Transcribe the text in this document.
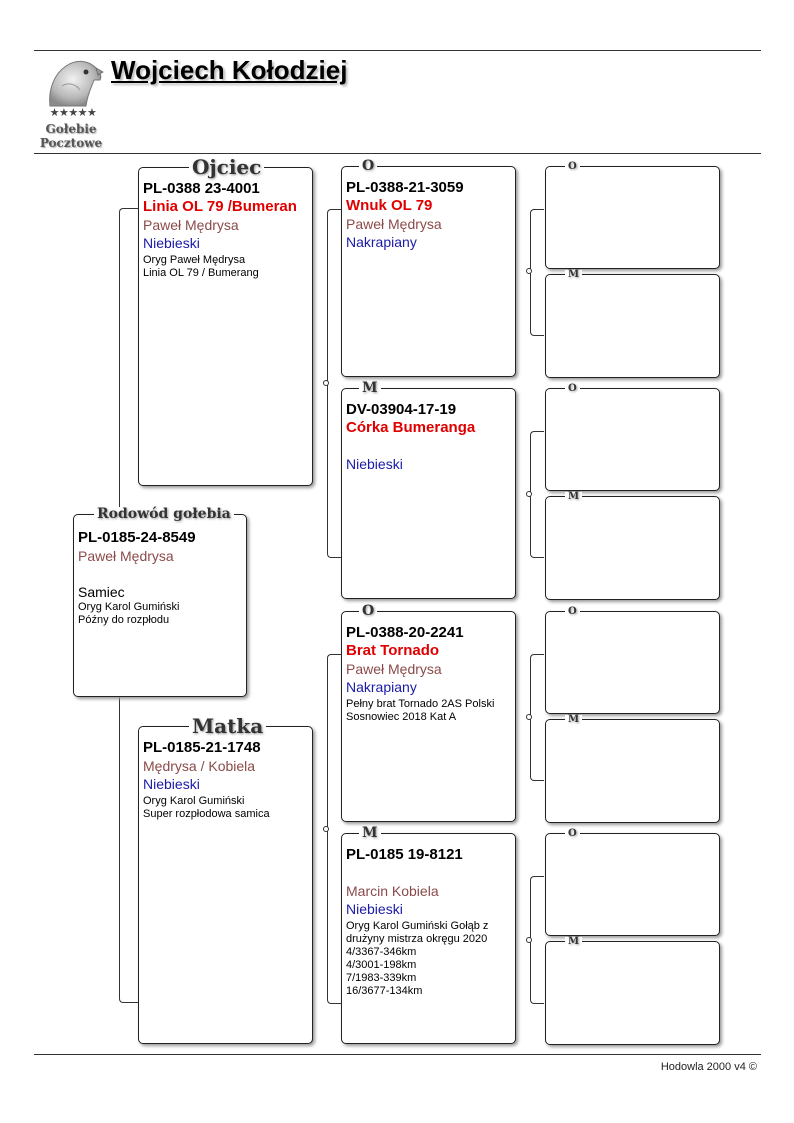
★★★★★
Gołebie
Pocztowe
Wojciech Kołodziej
PL-0185-24-8549
Paweł Mędrysa
Samiec
Oryg Karol Gumiński
Późny do rozpłodu
Rodowód gołebia
PL-0388 23-4001
Linia OL 79 /Bumeran
Paweł Mędrysa
Niebieski
Oryg Paweł Mędrysa
Linia OL 79 / Bumerang
Ojciec
PL-0185-21-1748
Mędrysa / Kobiela
Niebieski
Oryg Karol Gumiński
Super rozpłodowa samica
Matka
PL-0388-21-3059
Wnuk OL 79
Paweł Mędrysa
Nakrapiany
O
DV-03904-17-19
Córka Bumeranga
Niebieski
M
PL-0388-20-2241
Brat Tornado
Paweł Mędrysa
Nakrapiany
Pełny brat Tornado 2AS Polski
Sosnowiec 2018 Kat A
O
PL-0185 19-8121
Marcin Kobiela
Niebieski
Oryg Karol Gumiński Gołąb z
drużyny mistrza okręgu 2020
4/3367-346km
4/3001-198km
7/1983-339km
16/3677-134km
M
O
M
O
M
O
M
O
M
Hodowla 2000 v4 ©
